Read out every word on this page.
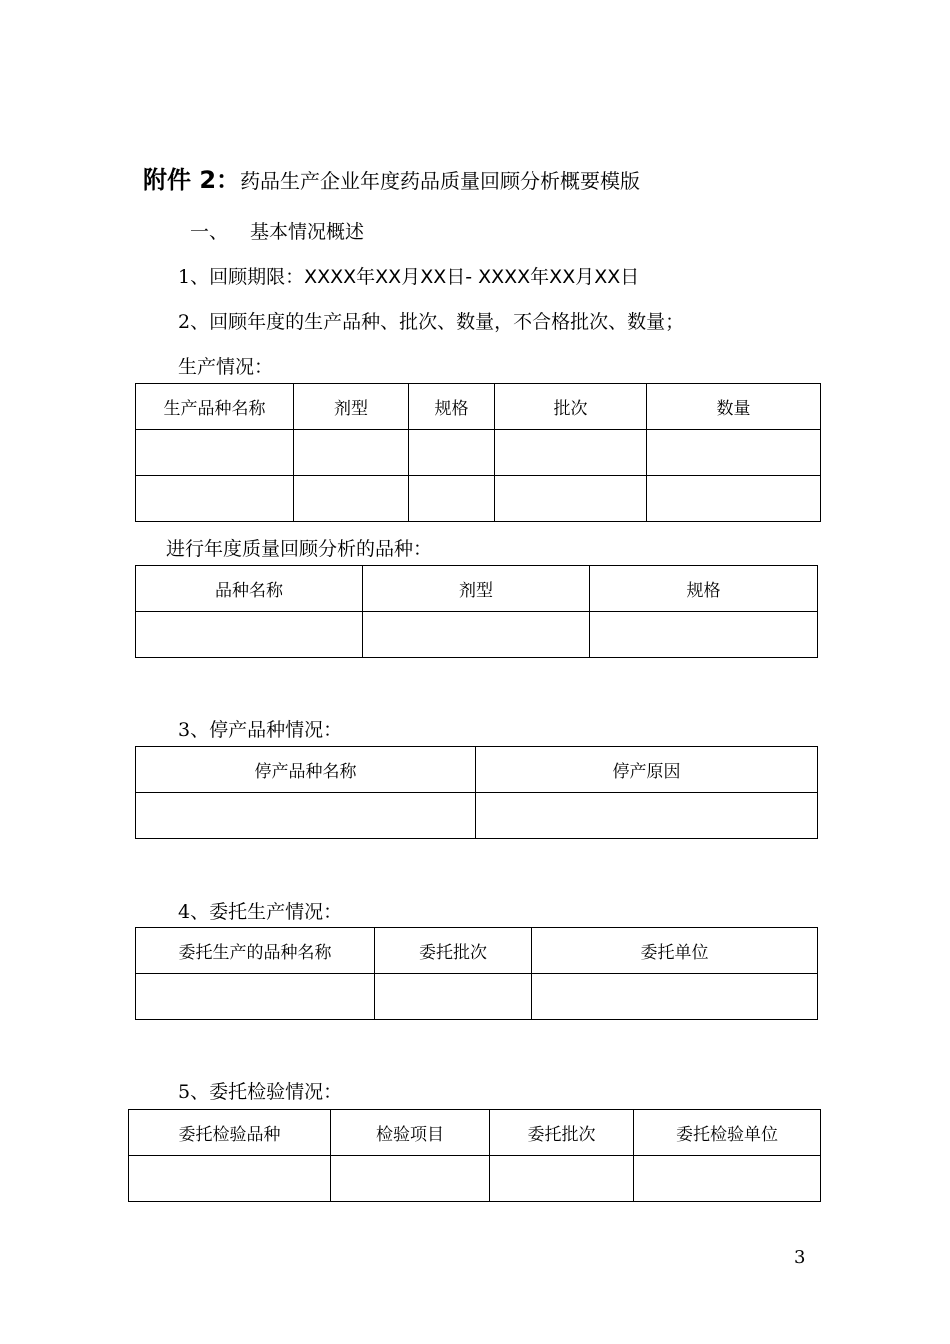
附件 2：药品生产企业年度药品质量回顾分析概要模版
一、 基本情况概述
1、回顾期限：XXXX年XX月XX日- XXXX年XX月XX日
2、回顾年度的生产品种、批次、数量，不合格批次、数量；
生产情况：
生产品种名称	剂型	规格	批次	数量

进行年度质量回顾分析的品种：
品种名称	剂型	规格

3、停产品种情况：
停产品种名称	停产原因

4、委托生产情况：
委托生产的品种名称	委托批次	委托单位

5、委托检验情况：
委托检验品种	检验项目	委托批次	委托检验单位

3
